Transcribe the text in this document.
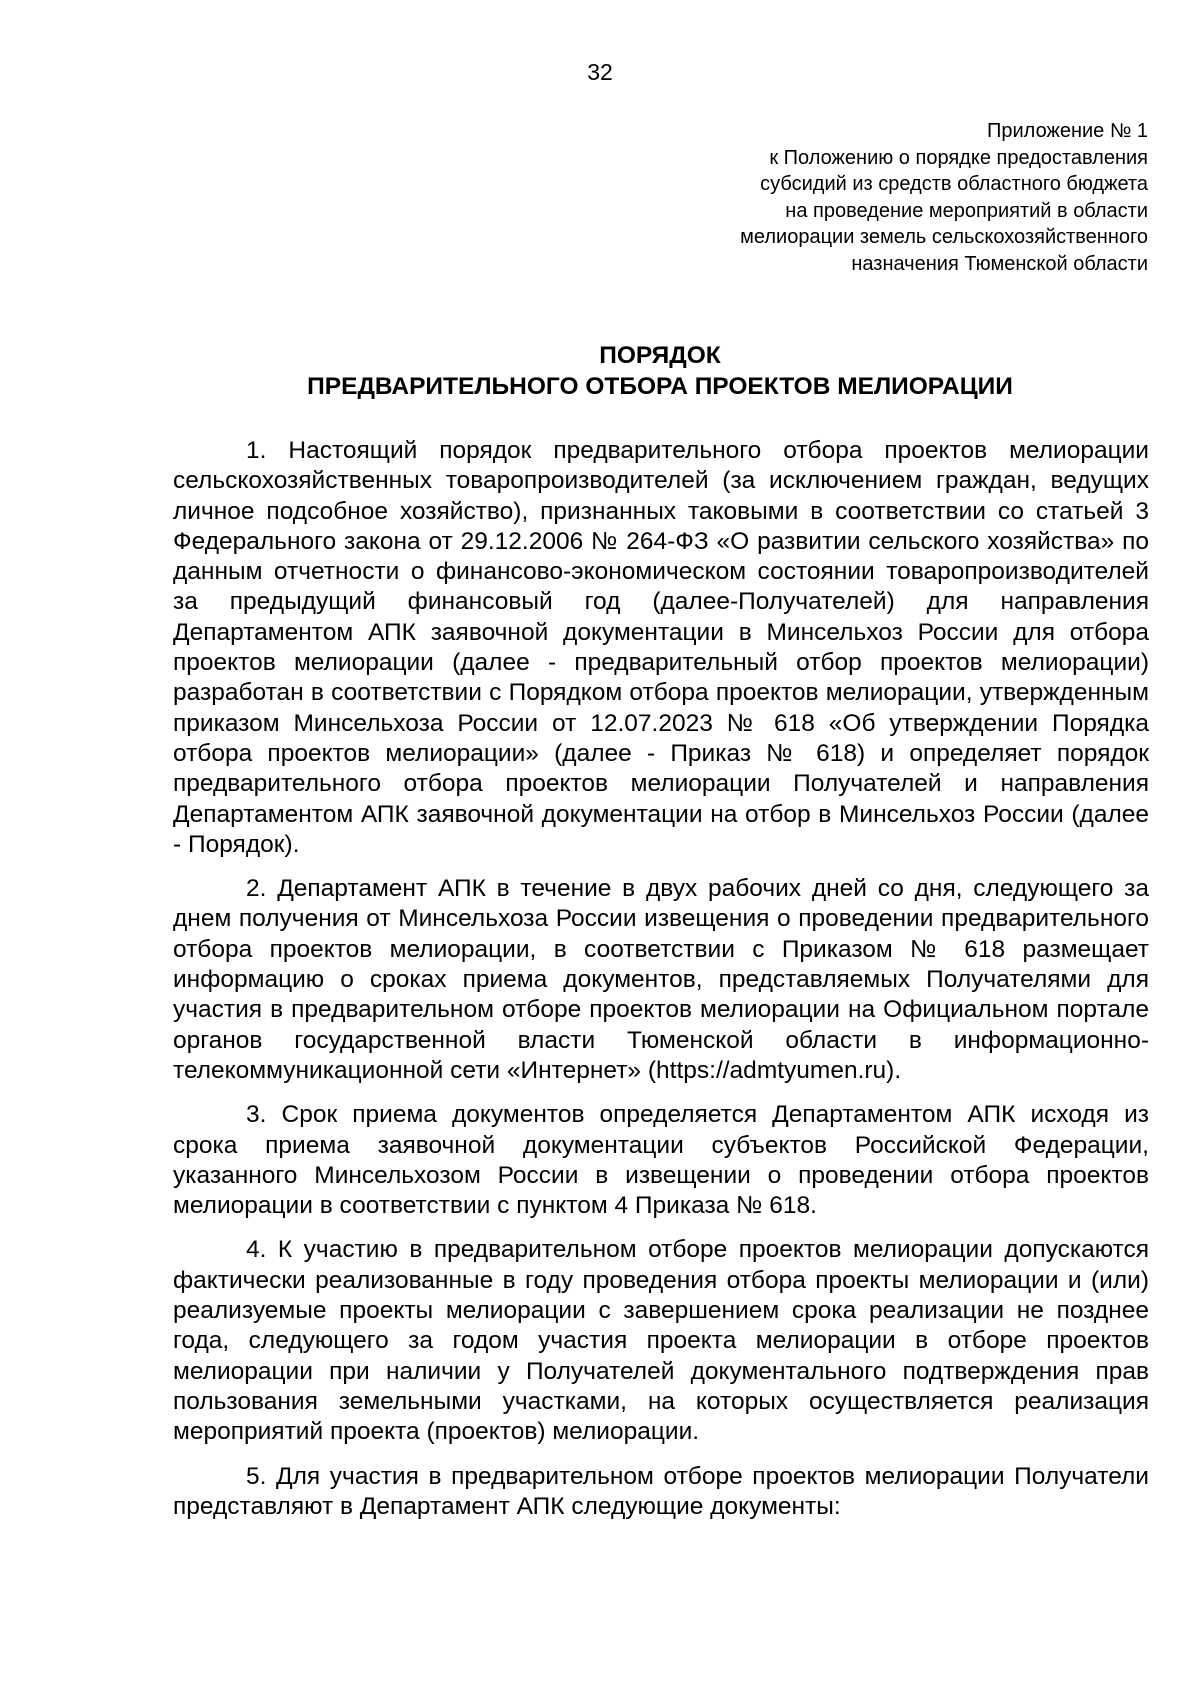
32
Приложение № 1
к Положению о порядке предоставления
субсидий из средств областного бюджета
на проведение мероприятий в области
мелиорации земель сельскохозяйственного
назначения Тюменской области
ПОРЯДОК
ПРЕДВАРИТЕЛЬНОГО ОТБОРА ПРОЕКТОВ МЕЛИОРАЦИИ

1. Настоящий порядок предварительного отбора проектов мелиорации сельскохозяйственных товаропроизводителей (за исключением граждан, ведущих личное подсобное хозяйство), признанных таковыми в соответствии со статьей 3 Федерального закона от 29.12.2006 № 264-ФЗ «О развитии сельского хозяйства» по данным отчетности о финансово-экономическом состоянии товаропроизводителей за предыдущий финансовый год (далее-Получателей) для направления Департаментом АПК заявочной документации в Минсельхоз России для отбора проектов мелиорации (далее - предварительный отбор проектов мелиорации) разработан в соответствии с Порядком отбора проектов мелиорации, утвержденным приказом Минсельхоза России от 12.07.2023 № 618 «Об утверждении Порядка отбора проектов мелиорации» (далее - Приказ № 618) и определяет порядок предварительного отбора проектов мелиорации Получателей и направления Департаментом АПК заявочной документации на отбор в Минсельхоз России (далее - Порядок).

2. Департамент АПК в течение в двух рабочих дней со дня, следующего за днем получения от Минсельхоза России извещения о проведении предварительного отбора проектов мелиорации, в соответствии с Приказом № 618 размещает информацию о сроках приема документов, представляемых Получателями для участия в предварительном отборе проектов мелиорации на Официальном портале органов государственной власти Тюменской области в информационно-телекоммуникационной сети «Интернет» (https://admtyumen.ru).

3. Срок приема документов определяется Департаментом АПК исходя из срока приема заявочной документации субъектов Российской Федерации, указанного Минсельхозом России в извещении о проведении отбора проектов мелиорации в соответствии с пунктом 4 Приказа № 618.

4. К участию в предварительном отборе проектов мелиорации допускаются фактически реализованные в году проведения отбора проекты мелиорации и (или) реализуемые проекты мелиорации с завершением срока реализации не позднее года, следующего за годом участия проекта мелиорации в отборе проектов мелиорации при наличии у Получателей документального подтверждения прав пользования земельными участками, на которых осуществляется реализация мероприятий проекта (проектов) мелиорации.

5. Для участия в предварительном отборе проектов мелиорации Получатели представляют в Департамент АПК следующие документы:
